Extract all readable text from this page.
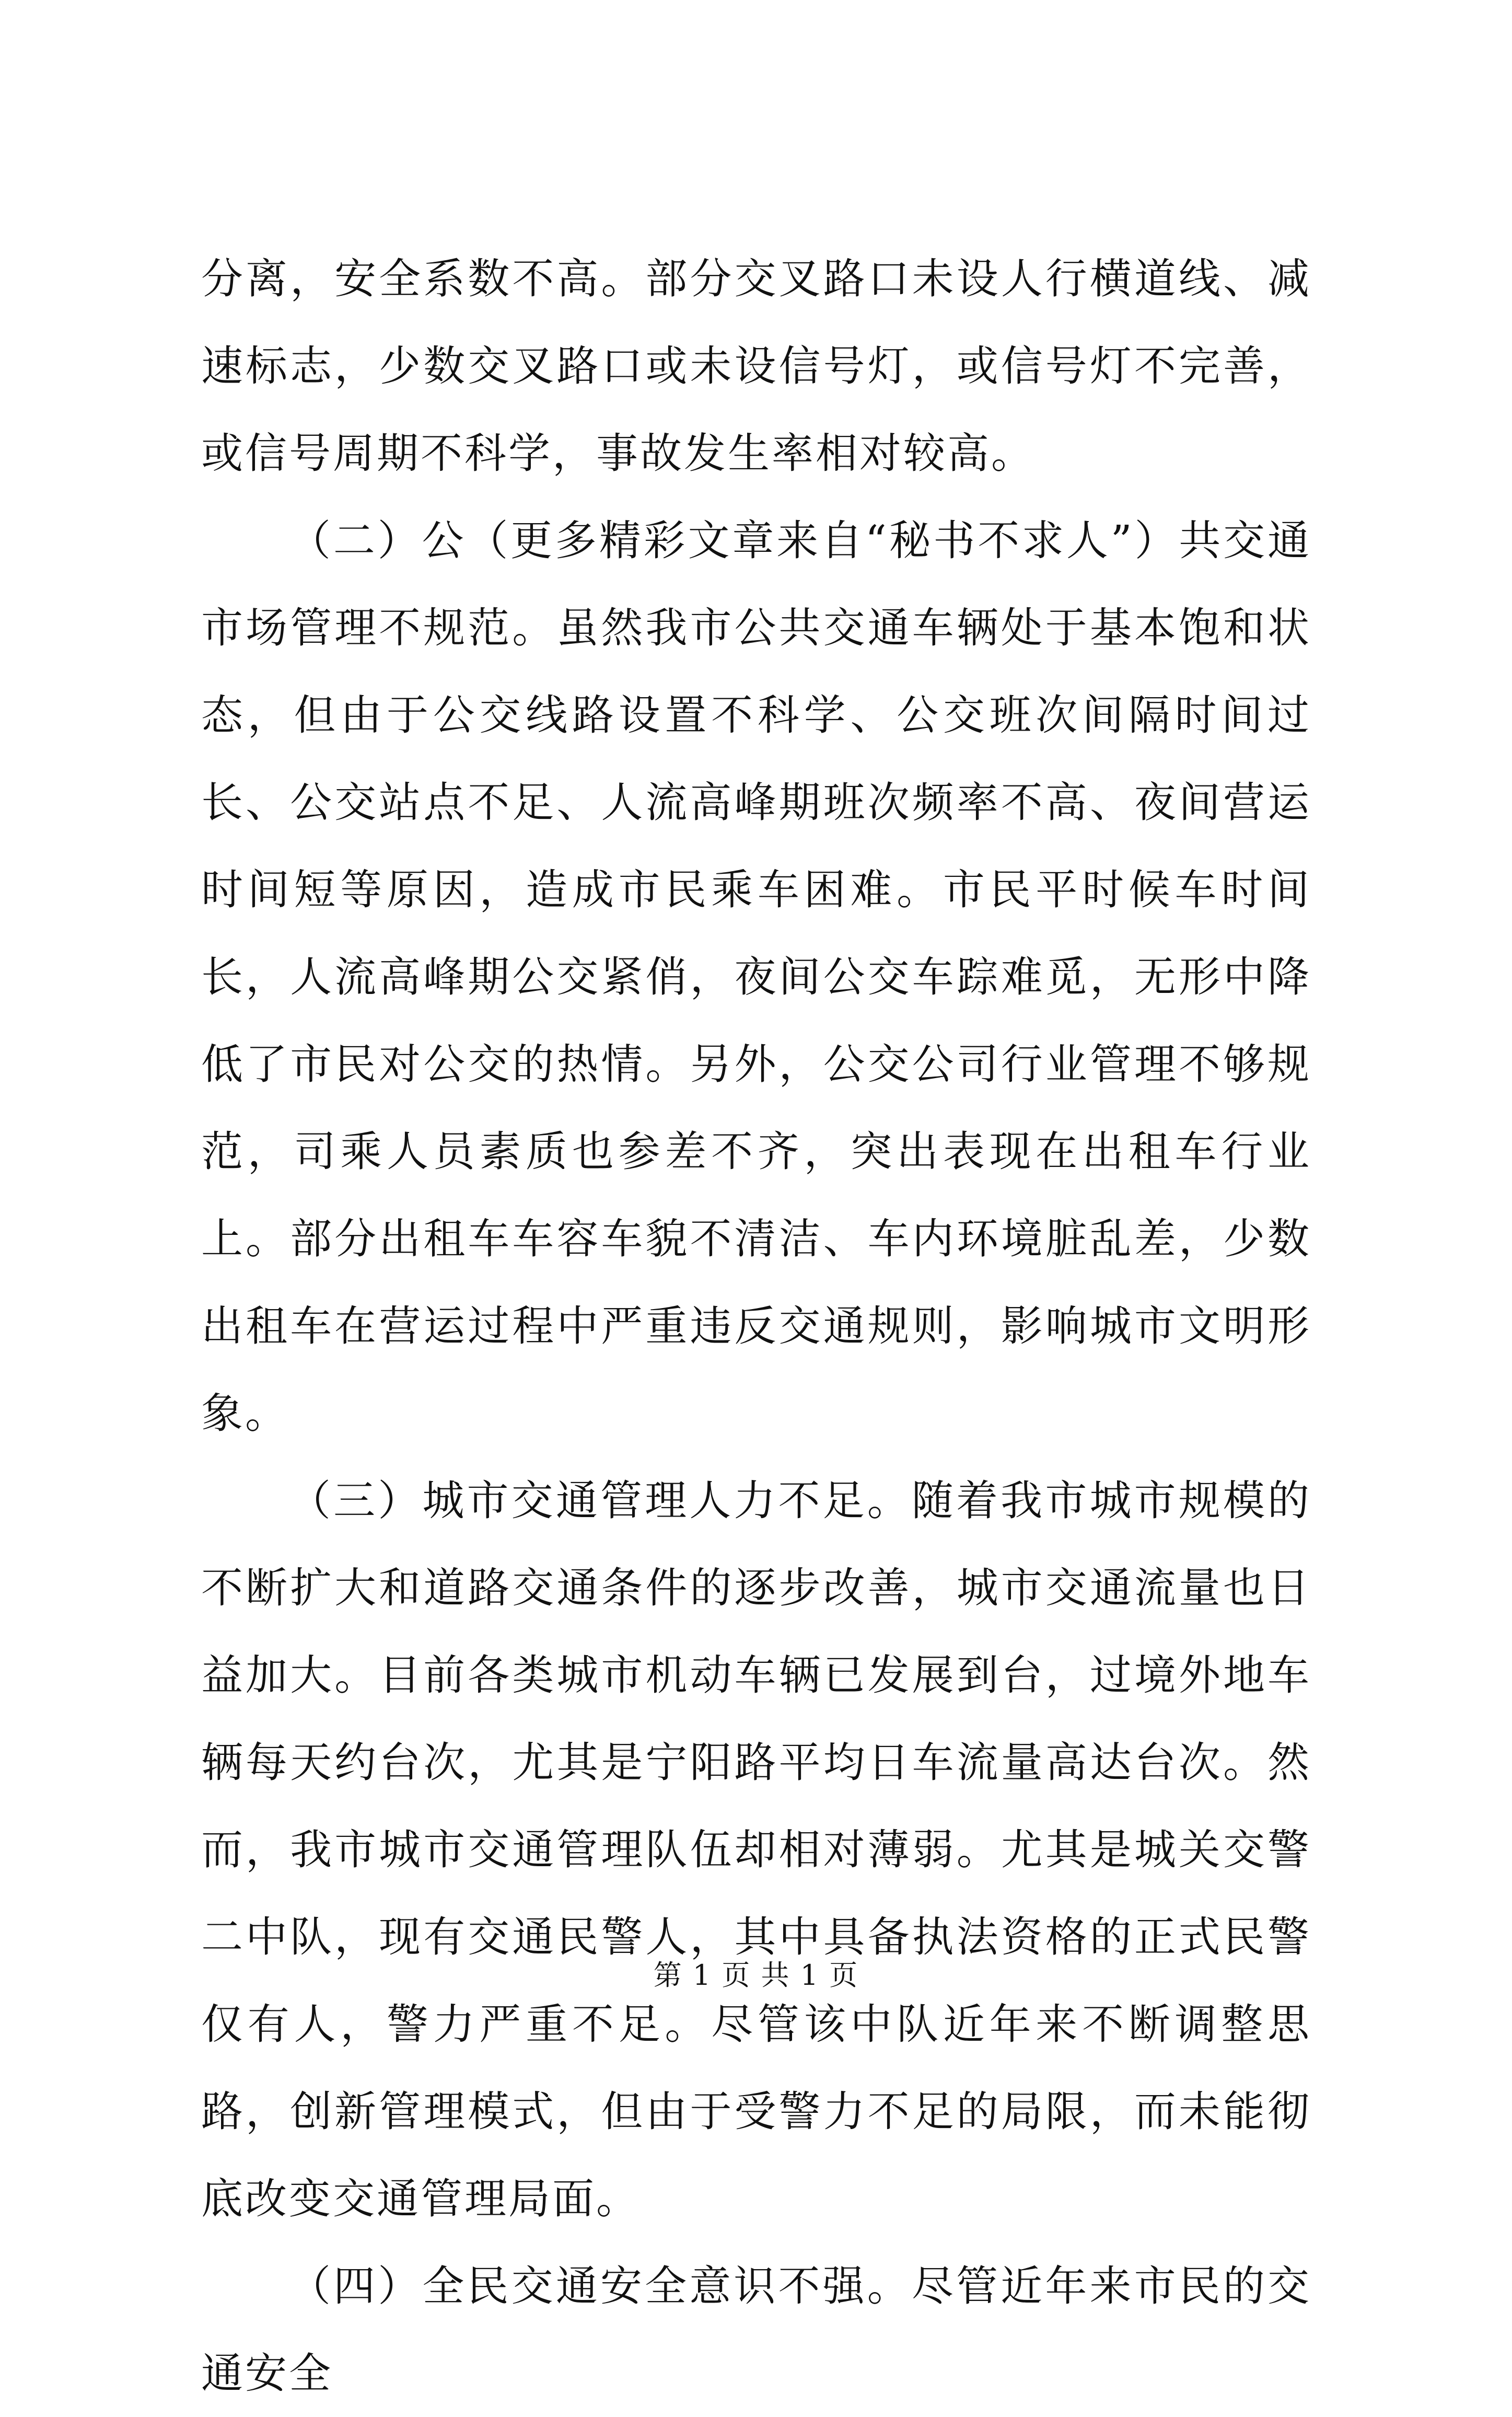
分离，安全系数不高。部分交叉路口未设人行横道线、减速标志，少数交叉路口或未设信号灯，或信号灯不完善，或信号周期不科学，事故发生率相对较高。

（二）公（更多精彩文章来自“秘书不求人”）共交通市场管理不规范。虽然我市公共交通车辆处于基本饱和状态，但由于公交线路设置不科学、公交班次间隔时间过长、公交站点不足、人流高峰期班次频率不高、夜间营运时间短等原因，造成市民乘车困难。市民平时候车时间长，人流高峰期公交紧俏，夜间公交车踪难觅，无形中降低了市民对公交的热情。另外，公交公司行业管理不够规范，司乘人员素质也参差不齐，突出表现在出租车行业上。部分出租车车容车貌不清洁、车内环境脏乱差，少数出租车在营运过程中严重违反交通规则，影响城市文明形象。

（三）城市交通管理人力不足。随着我市城市规模的不断扩大和道路交通条件的逐步改善，城市交通流量也日益加大。目前各类城市机动车辆已发展到台，过境外地车辆每天约台次，尤其是宁阳路平均日车流量高达台次。然而，我市城市交通管理队伍却相对薄弱。尤其是城关交警二中队，现有交通民警人，其中具备执法资格的正式民警仅有人，警力严重不足。尽管该中队近年来不断调整思路，创新管理模式，但由于受警力不足的局限，而未能彻底改变交通管理局面。

（四）全民交通安全意识不强。尽管近年来市民的交通安全

第 1 页 共 1 页
